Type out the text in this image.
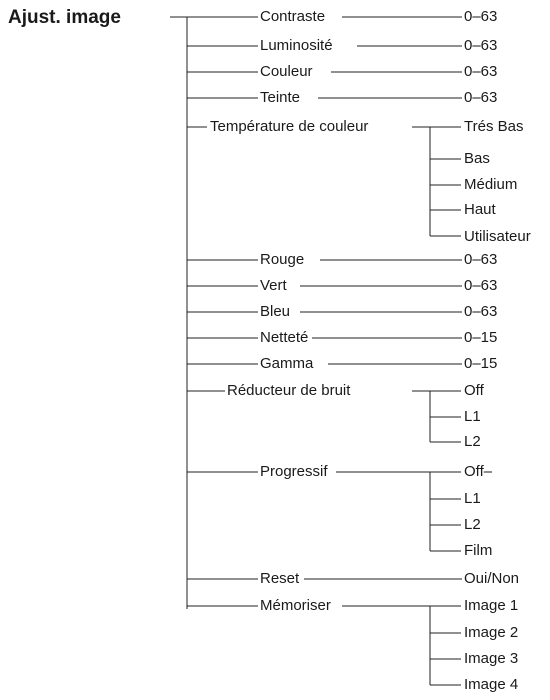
Ajust. image	Contraste	0–63
Luminosité	0–63
Couleur	0–63
Teinte	0–63
Température de couleur	Trés Bas
Bas
Médium
Haut
Utilisateur
Rouge	0–63
Vert	0–63
Bleu	0–63
Netteté	0–15
Gamma	0–15
Réducteur de bruit	Off
L1
L2
Progressif	Off–
L1
L2
Film
Reset	Oui/Non
Mémoriser	Image 1
Image 2
Image 3
Image 4
